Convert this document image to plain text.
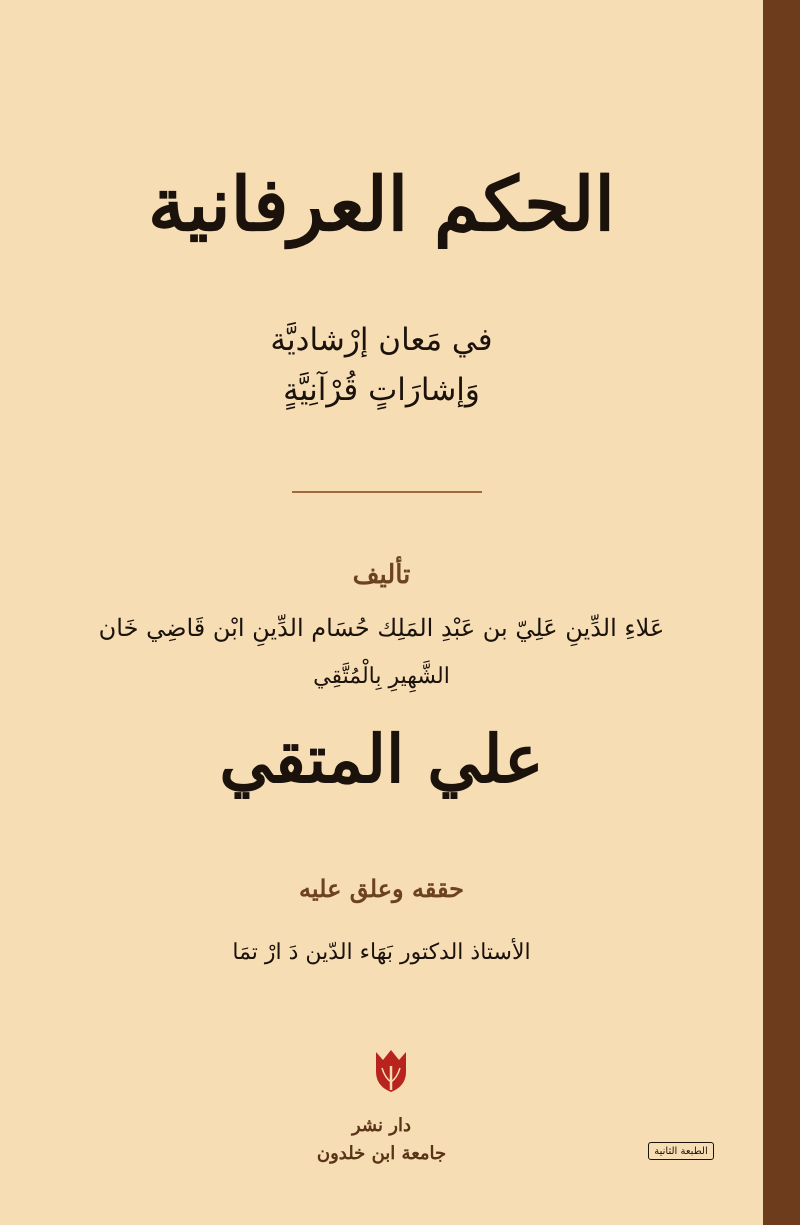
الحكم العرفانية
في مَعان إرْشاديَّة
وَإشارَاتٍ قُرْآنِيَّةٍ
تأليف
عَلاءِ الدِّينِ عَلِيّ بن عَبْدِ المَلِك حُسَام الدِّينِ ابْن قَاضِي خَان
الشَّهِيرِ بِالْمُتَّقِي
علي المتقي
حققه وعلق عليه
الأستاذ الدكتور بَهَاء الدّين دَ ارْ تمَا
دار نشر
جامعة ابن خلدون	الطبعة الثانية
